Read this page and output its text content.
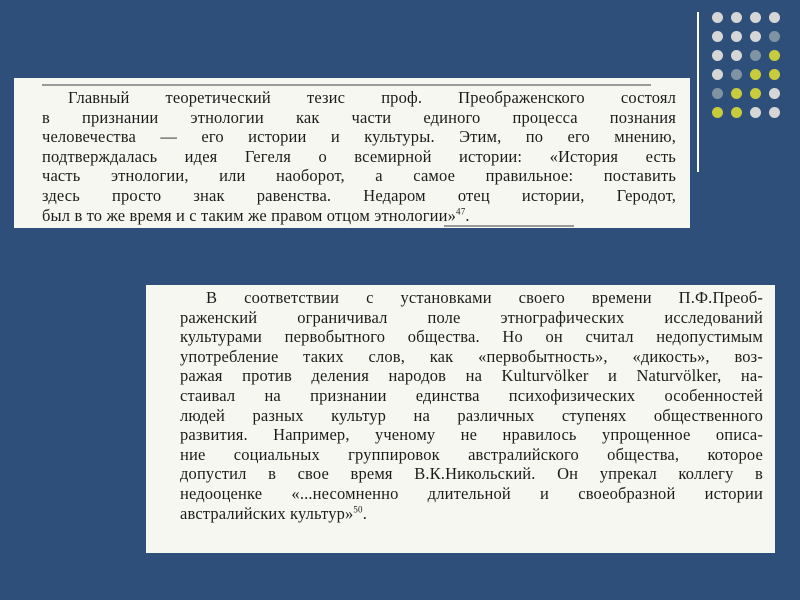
Главный теоретический тезис проф. Преображенского состоял
в признании этнологии как части единого процесса познания
человечества — его истории и культуры. Этим, по его мнению,
подтверждалась идея Гегеля о всемирной истории: «История есть
часть этнологии, или наоборот, а самое правильное: поставить
здесь просто знак равенства. Недаром отец истории, Геродот,
был в то же время и с таким же правом отцом этнологии»$^{47}$.

В соответствии с установками своего времени П.Ф.Преоб-
раженский ограничивал поле этнографических исследований
культурами первобытного общества. Но он считал недопустимым
употребление таких слов, как «первобытность», «дикость», воз-
ражая против деления народов на Kulturvölker и Naturvölker, на-
стаивал на признании единства психофизических особенностей
людей разных культур на различных ступенях общественного
развития. Например, ученому не нравилось упрощенное описа-
ние социальных группировок австралийского общества, которое
допустил в свое время В.К.Никольский. Он упрекал коллегу в
недооценке «...несомненно длительной и своеобразной истории
австралийских культур»$^{50}$.
